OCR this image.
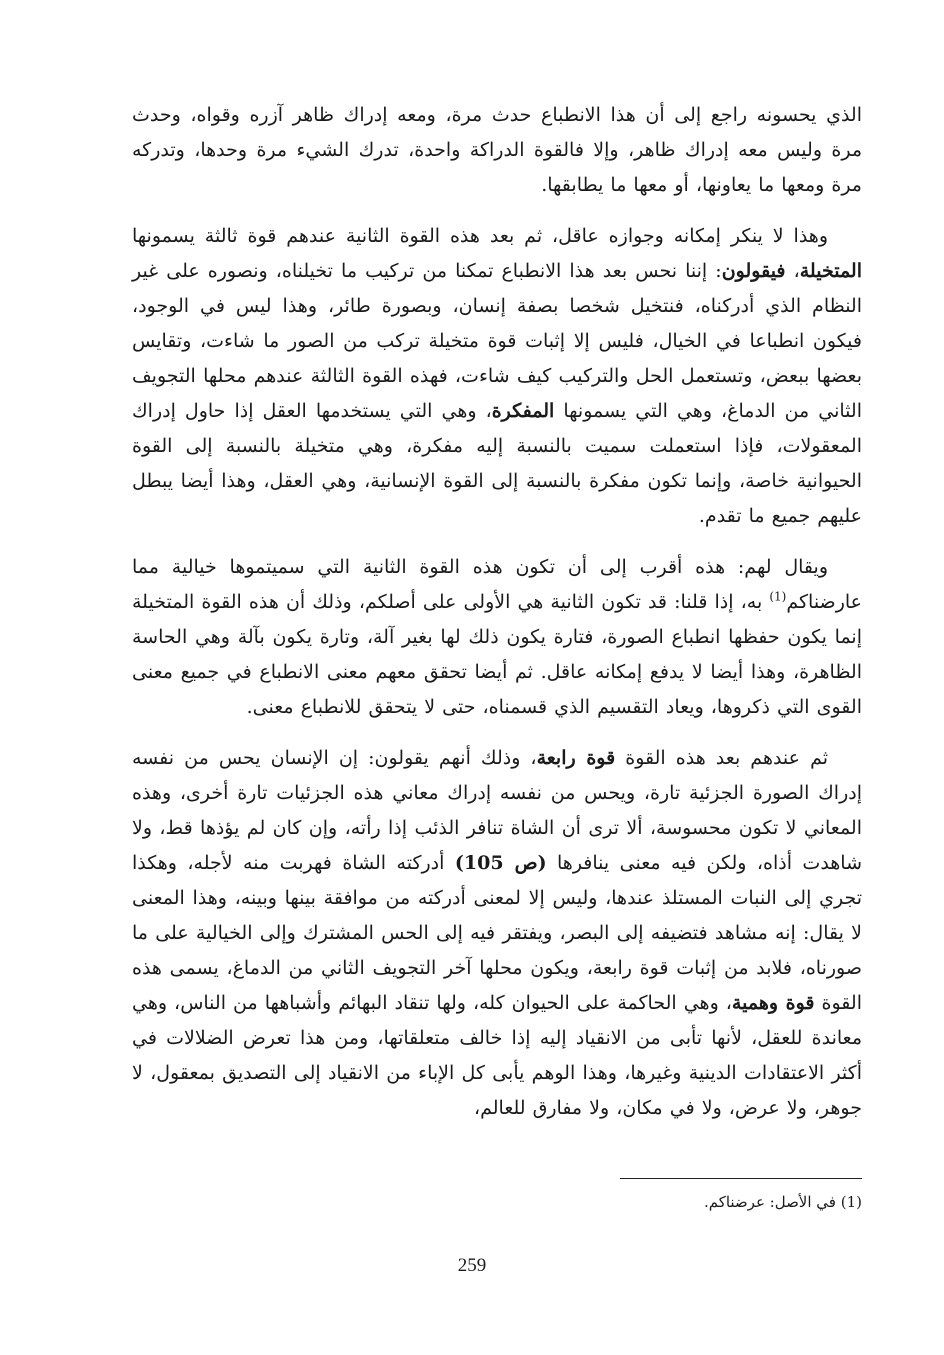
الذي يحسونه راجع إلى أن هذا الانطباع حدث مرة، ومعه إدراك ظاهر آزره وقواه، وحدث مرة وليس معه إدراك ظاهر، وإلا فالقوة الدراكة واحدة، تدرك الشيء مرة وحدها، وتدركه مرة ومعها ما يعاونها، أو معها ما يطابقها.

وهذا لا ينكر إمكانه وجوازه عاقل، ثم بعد هذه القوة الثانية عندهم قوة ثالثة يسمونها المتخيلة، فيقولون: إننا نحس بعد هذا الانطباع تمكنا من تركيب ما تخيلناه، ونصوره على غير النظام الذي أدركناه، فنتخيل شخصا بصفة إنسان، وبصورة طائر، وهذا ليس في الوجود، فيكون انطباعا في الخيال، فليس إلا إثبات قوة متخيلة تركب من الصور ما شاءت، وتقايس بعضها ببعض، وتستعمل الحل والتركيب كيف شاءت، فهذه القوة الثالثة عندهم محلها التجويف الثاني من الدماغ، وهي التي يسمونها المفكرة، وهي التي يستخدمها العقل إذا حاول إدراك المعقولات، فإذا استعملت سميت بالنسبة إليه مفكرة، وهي متخيلة بالنسبة إلى القوة الحيوانية خاصة، وإنما تكون مفكرة بالنسبة إلى القوة الإنسانية، وهي العقل، وهذا أيضا يبطل عليهم جميع ما تقدم.

ويقال لهم: هذه أقرب إلى أن تكون هذه القوة الثانية التي سميتموها خيالية مما عارضناكم$^{(1)}$ به، إذا قلنا: قد تكون الثانية هي الأولى على أصلكم، وذلك أن هذه القوة المتخيلة إنما يكون حفظها انطباع الصورة، فتارة يكون ذلك لها بغير آلة، وتارة يكون بآلة وهي الحاسة الظاهرة، وهذا أيضا لا يدفع إمكانه عاقل. ثم أيضا تحقق معهم معنى الانطباع في جميع معنى القوى التي ذكروها، ويعاد التقسيم الذي قسمناه، حتى لا يتحقق للانطباع معنى.

ثم عندهم بعد هذه القوة قوة رابعة، وذلك أنهم يقولون: إن الإنسان يحس من نفسه إدراك الصورة الجزئية تارة، ويحس من نفسه إدراك معاني هذه الجزئيات تارة أخرى، وهذه المعاني لا تكون محسوسة، ألا ترى أن الشاة تنافر الذئب إذا رأته، وإن كان لم يؤذها قط، ولا شاهدت أذاه، ولكن فيه معنى ينافرها (ص 105) أدركته الشاة فهربت منه لأجله، وهكذا تجري إلى النبات المستلذ عندها، وليس إلا لمعنى أدركته من موافقة بينها وبينه، وهذا المعنى لا يقال: إنه مشاهد فتضيفه إلى البصر، ويفتقر فيه إلى الحس المشترك وإلى الخيالية على ما صورناه، فلابد من إثبات قوة رابعة، ويكون محلها آخر التجويف الثاني من الدماغ، يسمى هذه القوة قوة وهمية، وهي الحاكمة على الحيوان كله، ولها تنقاد البهائم وأشباهها من الناس، وهي معاندة للعقل، لأنها تأبى من الانقياد إليه إذا خالف متعلقاتها، ومن هذا تعرض الضلالات في أكثر الاعتقادات الدينية وغيرها، وهذا الوهم يأبى كل الإباء من الانقياد إلى التصديق بمعقول، لا جوهر، ولا عرض، ولا في مكان، ولا مفارق للعالم،

(1) في الأصل: عرضناكم.
259
